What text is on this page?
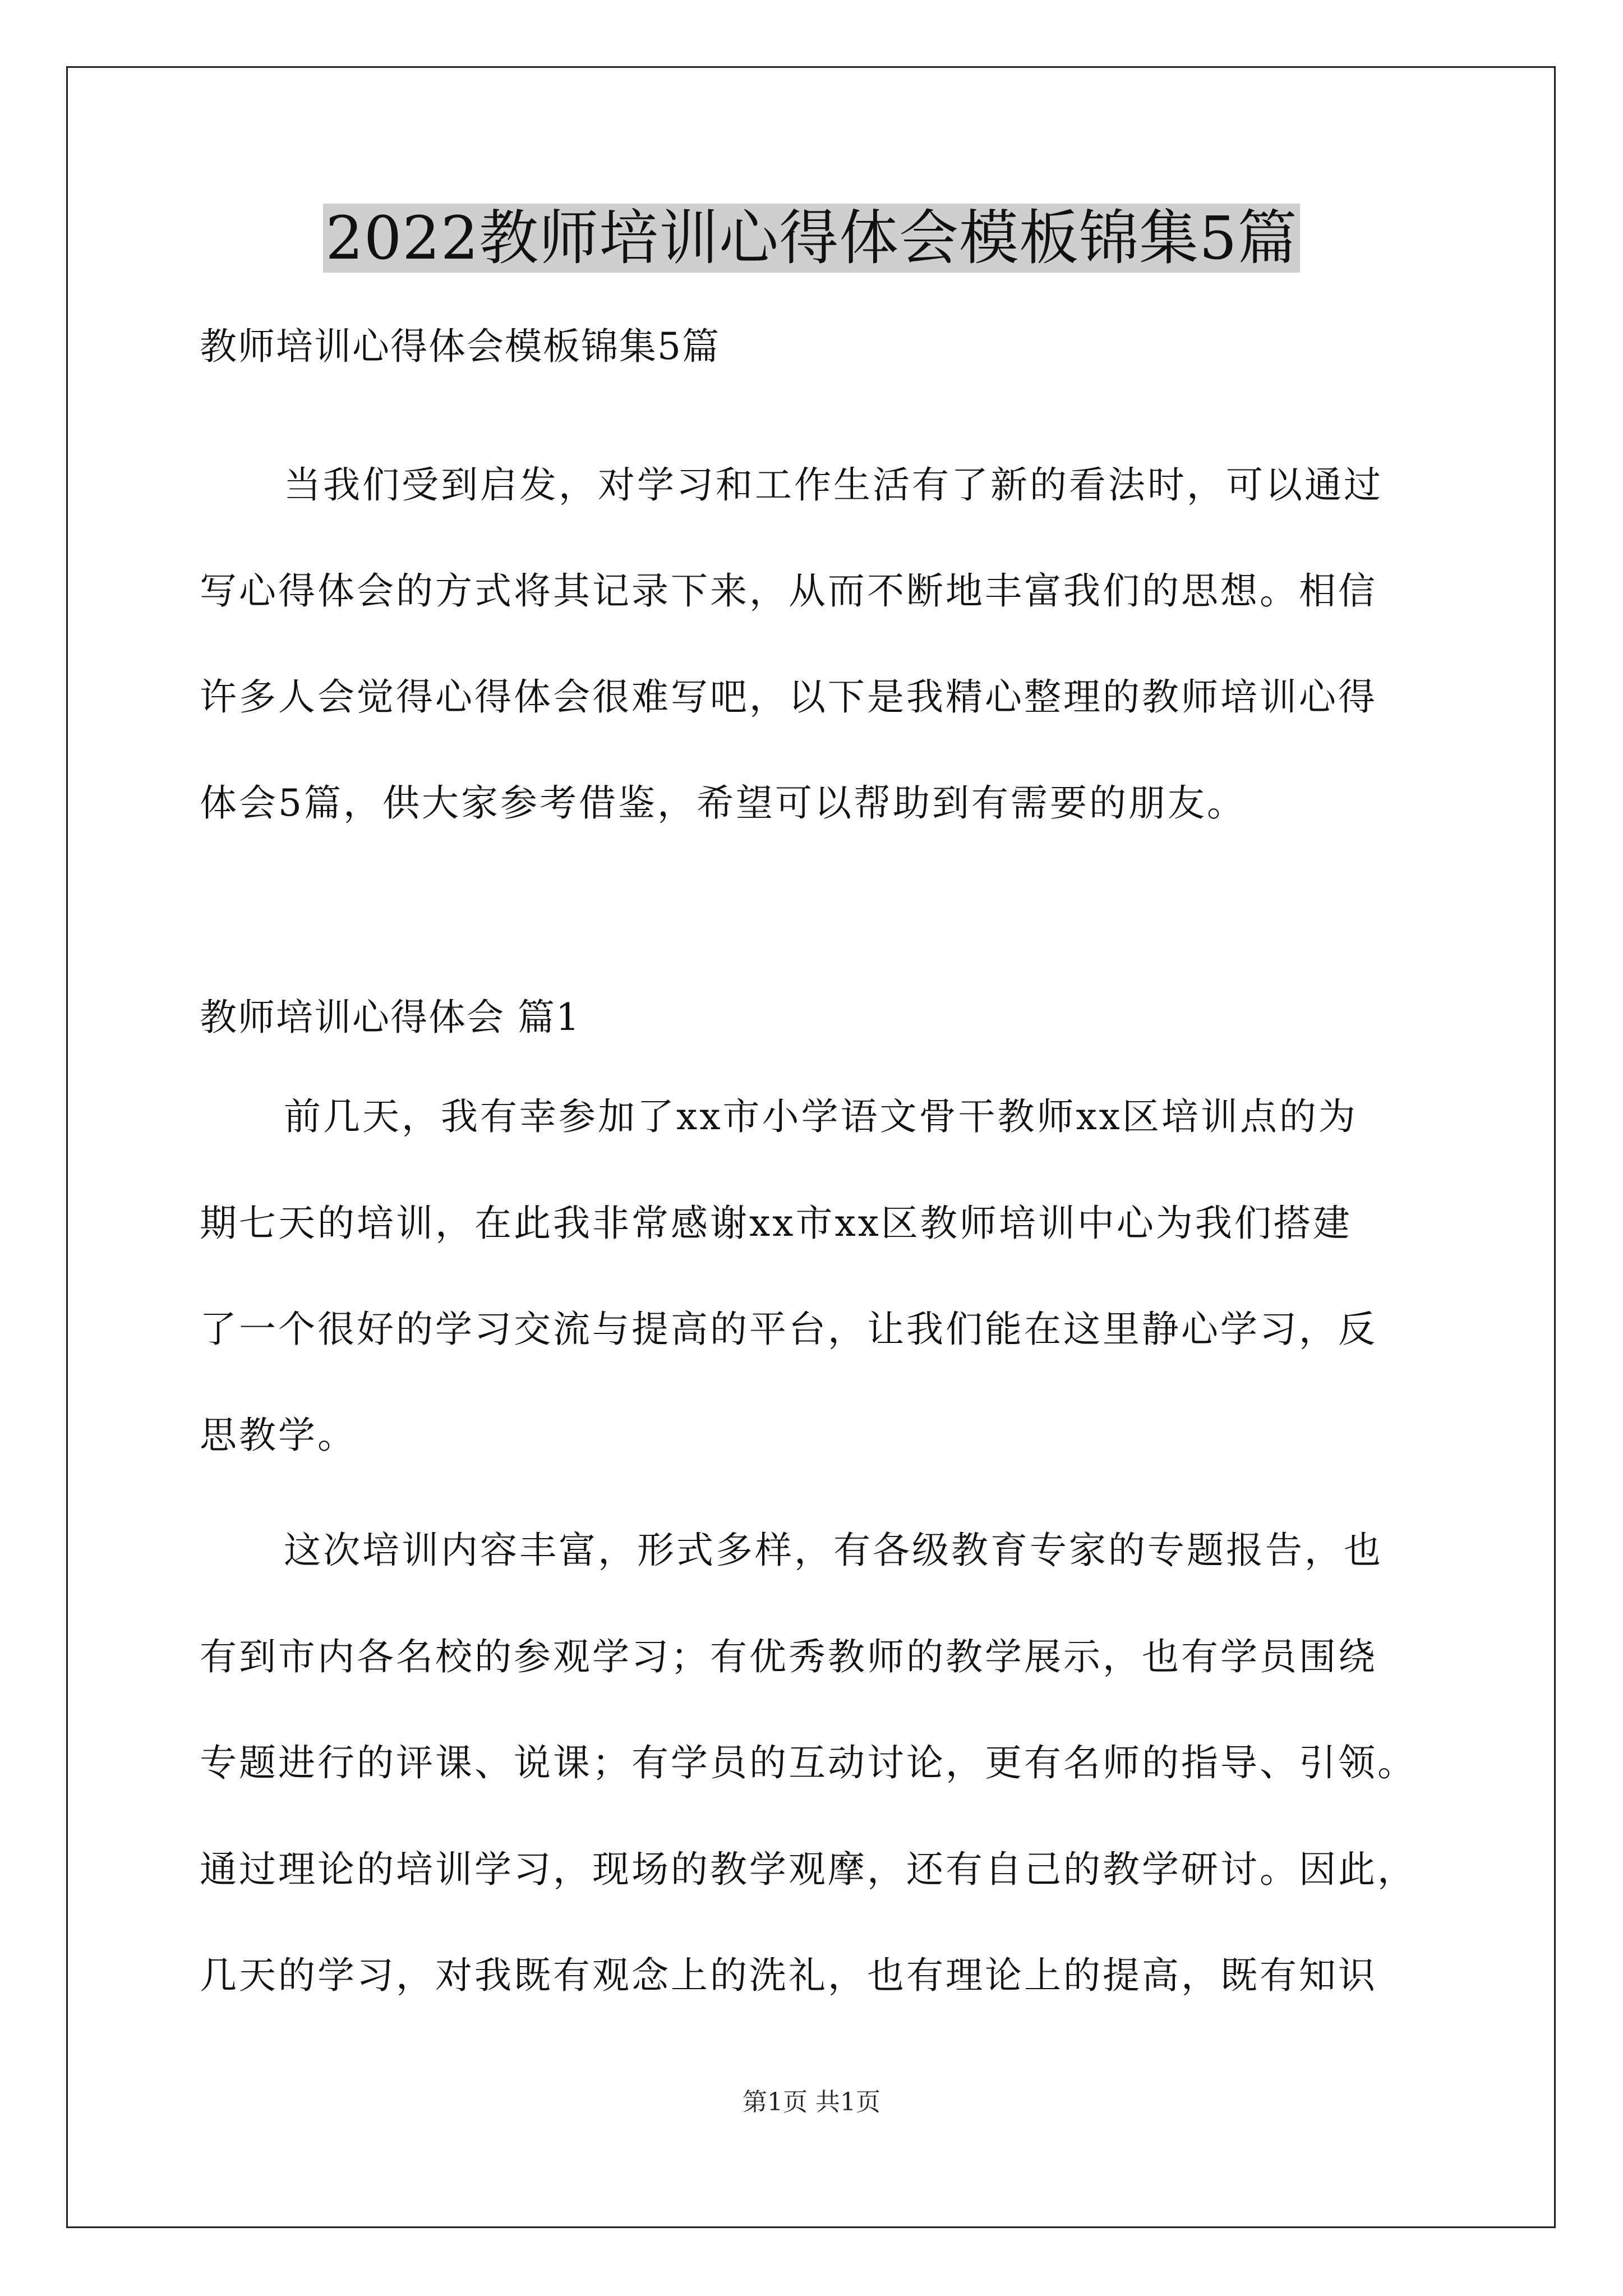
2022教师培训心得体会模板锦集5篇
教师培训心得体会模板锦集5篇
当我们受到启发，对学习和工作生活有了新的看法时，可以通过
写心得体会的方式将其记录下来，从而不断地丰富我们的思想。相信
许多人会觉得心得体会很难写吧，以下是我精心整理的教师培训心得
体会5篇，供大家参考借鉴，希望可以帮助到有需要的朋友。
教师培训心得体会 篇1
前几天，我有幸参加了xx市小学语文骨干教师xx区培训点的为
期七天的培训，在此我非常感谢xx市xx区教师培训中心为我们搭建
了一个很好的学习交流与提高的平台，让我们能在这里静心学习，反
思教学。
这次培训内容丰富，形式多样，有各级教育专家的专题报告，也
有到市内各名校的参观学习；有优秀教师的教学展示，也有学员围绕
专题进行的评课、说课；有学员的互动讨论，更有名师的指导、引领。
通过理论的培训学习，现场的教学观摩，还有自己的教学研讨。因此，
几天的学习，对我既有观念上的洗礼，也有理论上的提高，既有知识
第1页 共1页
